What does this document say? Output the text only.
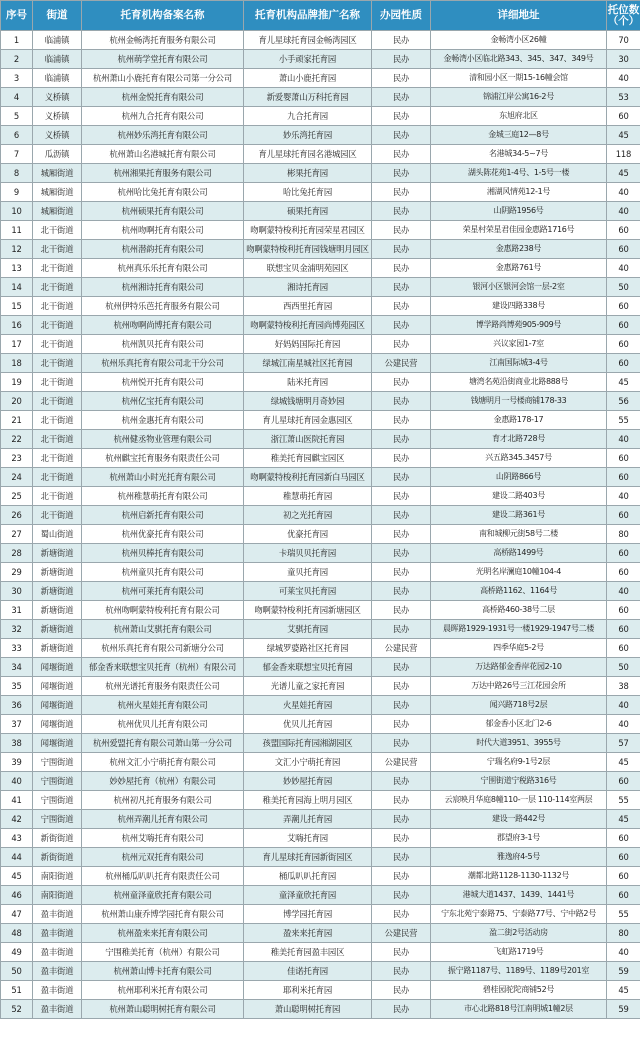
序号	街道	托育机构备案名称	托育机构品牌推广名称	办园性质	详细地址	托位数（个）
1	临浦镇	杭州金畅湾托育服务有限公司	育儿星球托育园金畅湾园区	民办	金畅湾小区26幢	70
2	临浦镇	杭州萌学堂托育有限公司	小手顽家托育园	民办	金畅湾小区临北路343、345、347、349号	30
3	临浦镇	杭州萧山小鹿托育有限公司第一分公司	萧山小鹿托育园	民办	清和园小区一期15-16幢会馆	40
4	义桥镇	杭州金悦托育有限公司	新爱婴萧山万科托育园	民办	锦浦江岸公寓16-2号	53
5	义桥镇	杭州九合托育有限公司	九合托育园	民办	东旭府北区	60
6	义桥镇	杭州妙乐湾托育有限公司	妙乐湾托育园	民办	金城三庭12—8号	45
7	瓜沥镇	杭州萧山名港城托育有限公司	育儿星球托育园名港城园区	民办	名港城34-5~7号	118
8	城厢街道	杭州湘果托育服务有限公司	彬果托育园	民办	湖头陈花苑1-4号、1-5号一楼	45
9	城厢街道	杭州哈比兔托育有限公司	哈比兔托育园	民办	湘湖风情苑12-1号	40
10	城厢街道	杭州硕果托育有限公司	硕果托育园	民办	山阴路1956号	40
11	北干街道	杭州吻啊托育有限公司	吻啊蒙特梭利托育园荣星君园区	民办	荣星村荣星君佳园金惠路1716号	60
12	北干街道	杭州潜韵托育有限公司	吻啊蒙特梭利托育园钱塘明月园区	民办	金惠路238号	60
13	北干街道	杭州真乐乐托育有限公司	联想宝贝金浦明苑园区	民办	金惠路761号	40
14	北干街道	杭州湘诗托育有限公司	湘诗托育园	民办	银河小区银河会馆一层-2室	50
15	北干街道	杭州伊特乐芭托育服务有限公司	西西里托育园	民办	建设四路338号	60
16	北干街道	杭州吻啊尚博托育有限公司	吻啊蒙特梭利托育园尚博苑园区	民办	博学路尚博苑905-909号	60
17	北干街道	杭州凯贝托育有限公司	好妈妈国际托育园	民办	兴议家园1-7室	60
18	北干街道	杭州乐真托育有限公司北干分公司	绿城江南星城社区托育园	公建民营	江南国际城3-4号	60
19	北干街道	杭州悦开托育有限公司	陆米托育园	民办	塘湾名苑沿街商业北路888号	45
20	北干街道	杭州亿宝托育有限公司	绿城钱塘明月奇妙园	民办	钱塘明月一号楼商铺178-33	56
21	北干街道	杭州金惠托育有限公司	育儿星球托育园金惠园区	民办	金惠路178-17	55
22	北干街道	杭州健丞物业管理有限公司	浙江萧山医院托育园	民办	育才北路728号	40
23	北干街道	杭州麒宝托育服务有限责任公司	稚美托育园麒宝园区	民办	兴五路345.3457号	60
24	北干街道	杭州萧山小时光托育有限公司	吻啊蒙特梭利托育园新白马园区	民办	山阴路866号	60
25	北干街道	杭州稚慧萌托育有限公司	稚慧萌托育园	民办	建设二路403号	40
26	北干街道	杭州启新托育有限公司	初之光托育园	民办	建设二路361号	60
27	蜀山街道	杭州优豪托育有限公司	优豪托育园	民办	南和城柳元街58号二楼	80
28	新塘街道	杭州贝棒托育有限公司	卡瑞贝贝托育园	民办	高桥路1499号	60
29	新塘街道	杭州童贝托育有限公司	童贝托育园	民办	光明名岸澜庭10幢104-4	60
30	新塘街道	杭州可莱托育有限公司	可莱宝贝托育园	民办	高桥路1162、1164号	40
31	新塘街道	杭州吻啊蒙特梭利托育有限公司	吻啊蒙特梭利托育园新塘园区	民办	高桥路460-38号二层	60
32	新塘街道	杭州萧山艾骐托育有限公司	艾骐托育园	民办	晨晖路1929-1931号一楼1929-1947号二楼	60
33	新塘街道	杭州乐真托育有限公司新塘分公司	绿城罗婆路社区托育园	公建民营	四季华庭5-2号	60
34	闻堰街道	郁金香来联想宝贝托育（杭州）有限公司	郁金香来联想宝贝托育园	民办	万达路郁金香岸花园2-10	50
35	闻堰街道	杭州光谱托育服务有限责任公司	光谱儿童之家托育园	民办	万达中路26号三江花园会所	38
36	闻堰街道	杭州火星娃托育有限公司	火星娃托育园	民办	闻兴路718号2层	40
37	闻堰街道	杭州优贝儿托育有限公司	优贝儿托育园	民办	郁金香小区北门2-6	40
38	闻堰街道	杭州爱盟托育有限公司萧山第一分公司	孩盟国际托育园湘湖园区	民办	时代大道3951、3955号	57
39	宁围街道	杭州文汇小宁萌托育有限公司	文汇小宁萌托育园	公建民营	宁瑞名府9-1号2层	45
40	宁围街道	妙妙屋托育（杭州）有限公司	妙妙屋托育园	民办	宁围街道宁税路316号	60
41	宁围街道	杭州初凡托育服务有限公司	稚美托育园海上明月园区	民办	云宸映月华庭8幢110-一层 110-114室两层	55
42	宁围街道	杭州弄潮儿托育有限公司	弄潮儿托育园	民办	建设一路442号	45
43	新街街道	杭州艾嗨托育有限公司	艾嗨托育园	民办	郡望府3-1号	60
44	新街街道	杭州元双托育有限公司	育儿星球托育园新街园区	民办	雅逸府4-5号	60
45	南阳街道	杭州桶瓜叭叭托育有限责任公司	桶瓜叭叭托育园	民办	潮都北路1128-1130-1132号	60
46	南阳街道	杭州童泽童欣托育有限公司	童泽童欣托育园	民办	港城大道1437、1439、1441号	60
47	盈丰街道	杭州萧山康乔博学园托育有限公司	博学园托育园	民办	宁东北苑宁泰路75、宁泰路77号、宁中路2号	55
48	盈丰街道	杭州盈来来托育有限公司	盈来来托育园	公建民营	盈二街2号活动房	80
49	盈丰街道	宁围稚美托育（杭州）有限公司	稚美托育园盈丰园区	民办	飞虹路1719号	40
50	盈丰街道	杭州萧山博卡托育有限公司	佳诺托育园	民办	振宁路1187号、1189号、1189号201室	59
51	盈丰街道	杭州耶利米托育有限公司	耶利米托育园	民办	碧桂园驼陀商铺52号	45
52	盈丰街道	杭州萧山聪明树托育有限公司	萧山聪明树托育园	民办	市心北路818号江南明城1幢2层	59
